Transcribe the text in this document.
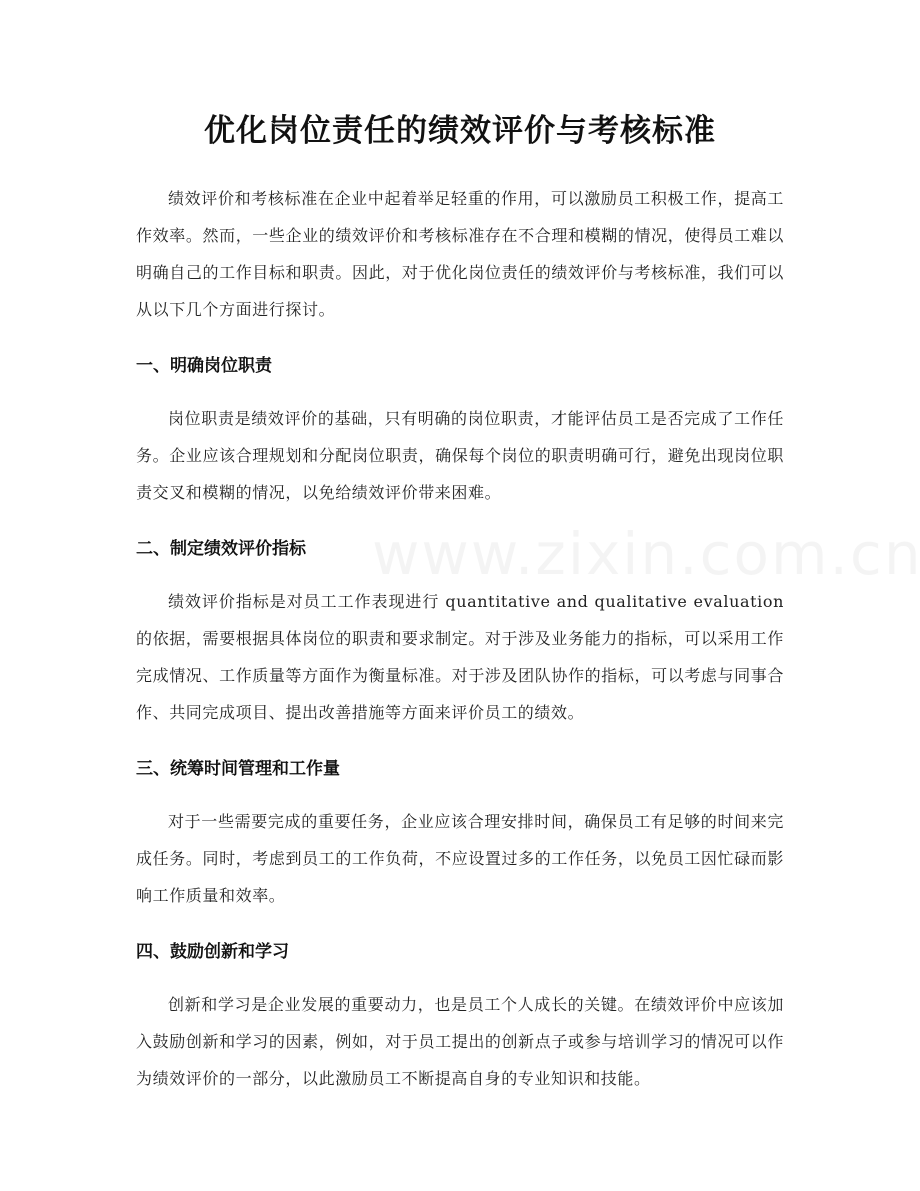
优化岗位责任的绩效评价与考核标准

绩效评价和考核标准在企业中起着举足轻重的作用，可以激励员工积极工作，提高工作效率。然而，一些企业的绩效评价和考核标准存在不合理和模糊的情况，使得员工难以明确自己的工作目标和职责。因此，对于优化岗位责任的绩效评价与考核标准，我们可以从以下几个方面进行探讨。

一、明确岗位职责

岗位职责是绩效评价的基础，只有明确的岗位职责，才能评估员工是否完成了工作任务。企业应该合理规划和分配岗位职责，确保每个岗位的职责明确可行，避免出现岗位职责交叉和模糊的情况，以免给绩效评价带来困难。

二、制定绩效评价指标

绩效评价指标是对员工工作表现进行 quantitative and qualitative evaluation 的依据，需要根据具体岗位的职责和要求制定。对于涉及业务能力的指标，可以采用工作完成情况、工作质量等方面作为衡量标准。对于涉及团队协作的指标，可以考虑与同事合作、共同完成项目、提出改善措施等方面来评价员工的绩效。

三、统筹时间管理和工作量

对于一些需要完成的重要任务，企业应该合理安排时间，确保员工有足够的时间来完成任务。同时，考虑到员工的工作负荷，不应设置过多的工作任务，以免员工因忙碌而影响工作质量和效率。

四、鼓励创新和学习

创新和学习是企业发展的重要动力，也是员工个人成长的关键。在绩效评价中应该加入鼓励创新和学习的因素，例如，对于员工提出的创新点子或参与培训学习的情况可以作为绩效评价的一部分，以此激励员工不断提高自身的专业知识和技能。
